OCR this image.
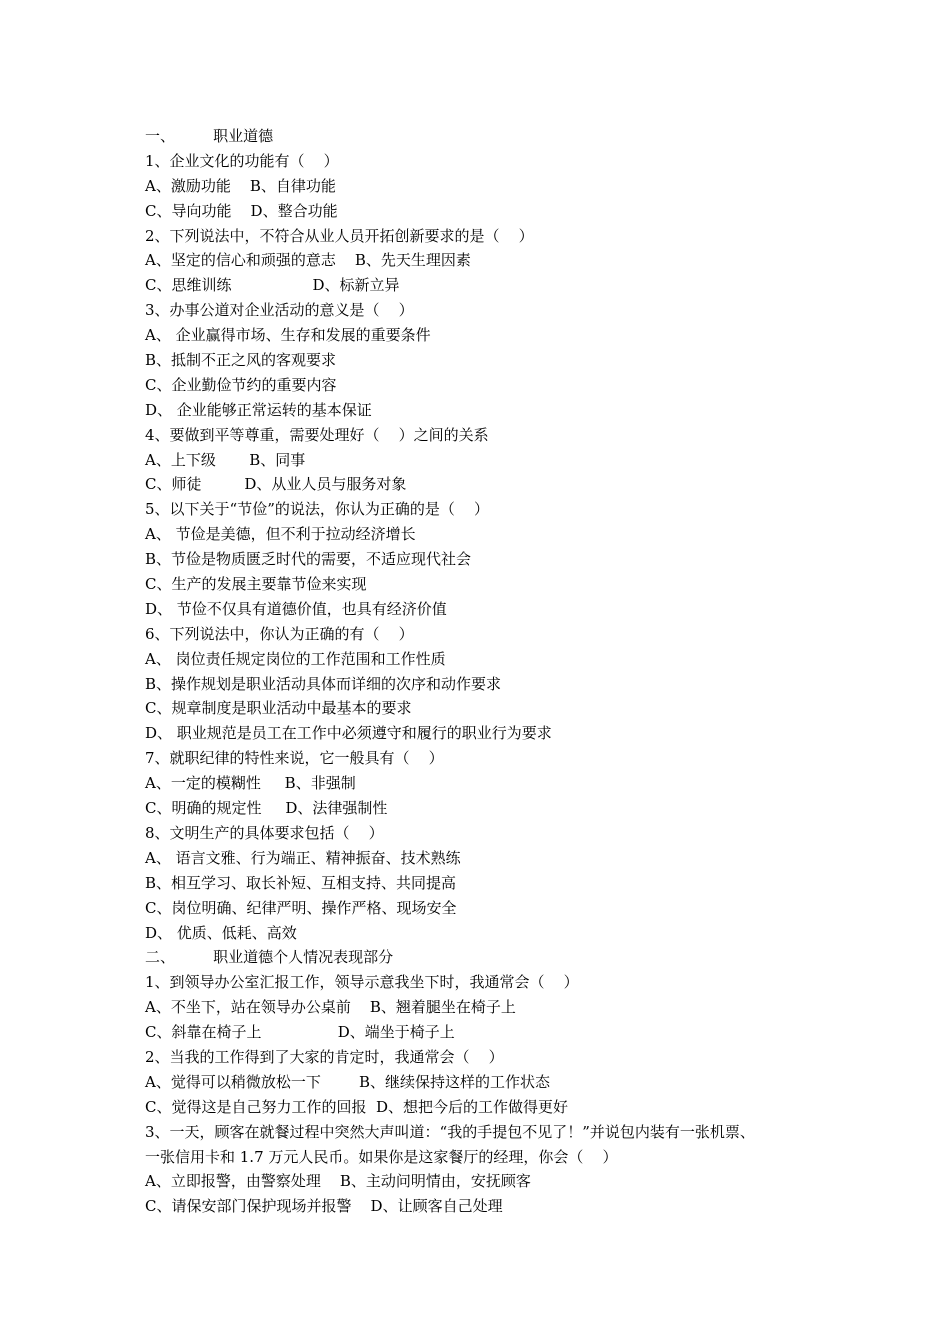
一、        职业道德
1、企业文化的功能有（    ）
A、激励功能    B、自律功能
C、导向功能    D、整合功能
2、下列说法中，不符合从业人员开拓创新要求的是（    ）
A、坚定的信心和顽强的意志    B、先天生理因素
C、思维训练                 D、标新立异
3、办事公道对企业活动的意义是（    ）
A、 企业赢得市场、生存和发展的重要条件
B、抵制不正之风的客观要求
C、企业勤俭节约的重要内容
D、 企业能够正常运转的基本保证
4、要做到平等尊重，需要处理好（    ）之间的关系
A、上下级       B、同事
C、师徒         D、从业人员与服务对象
5、以下关于“节俭”的说法，你认为正确的是（    ）
A、 节俭是美德，但不利于拉动经济增长
B、节俭是物质匮乏时代的需要，不适应现代社会
C、生产的发展主要靠节俭来实现
D、 节俭不仅具有道德价值，也具有经济价值
6、下列说法中，你认为正确的有（    ）
A、 岗位责任规定岗位的工作范围和工作性质
B、操作规划是职业活动具体而详细的次序和动作要求
C、规章制度是职业活动中最基本的要求
D、 职业规范是员工在工作中必须遵守和履行的职业行为要求
7、就职纪律的特性来说，它一般具有（    ）
A、一定的模糊性     B、非强制
C、明确的规定性     D、法律强制性
8、文明生产的具体要求包括（    ）
A、 语言文雅、行为端正、精神振奋、技术熟练
B、相互学习、取长补短、互相支持、共同提高
C、岗位明确、纪律严明、操作严格、现场安全
D、 优质、低耗、高效
二、        职业道德个人情况表现部分
1、到领导办公室汇报工作，领导示意我坐下时，我通常会（    ）
A、不坐下，站在领导办公桌前    B、翘着腿坐在椅子上
C、斜靠在椅子上                D、端坐于椅子上
2、当我的工作得到了大家的肯定时，我通常会（    ）
A、觉得可以稍微放松一下        B、继续保持这样的工作状态
C、觉得这是自己努力工作的回报  D、想把今后的工作做得更好
3、一天，顾客在就餐过程中突然大声叫道：“我的手提包不见了！”并说包内装有一张机票、
一张信用卡和 1.7 万元人民币。如果你是这家餐厅的经理，你会（    ）
A、立即报警，由警察处理    B、主动问明情由，安抚顾客
C、请保安部门保护现场并报警    D、让顾客自己处理
